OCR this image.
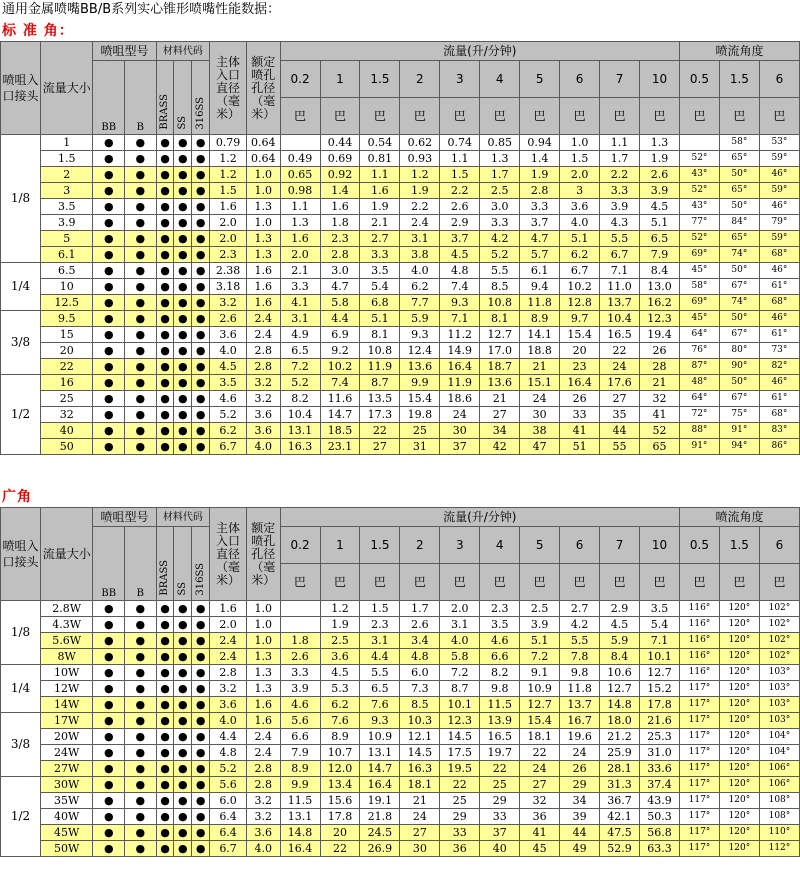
通用金属喷嘴BB/B系列实心锥形喷嘴性能数据：
标 准 角：
喷咀入口接头	流量大小	喷咀型号		材料代码			主体入口直径（毫米）	额定喷孔孔径（毫米）	流量(升/分钟)										喷流角度		
		BB	B	BRASS	SS	316SS			0.2	1	1.5	2	3	4	5	6	7	10	0.5	1.5	6
									巴	巴	巴	巴	巴	巴	巴	巴	巴	巴	巴	巴	巴
1/8	1	●	●	●	●	●	0.79	0.64		0.44	0.54	0.62	0.74	0.85	0.94	1.0	1.1	1.3		58°	53°
	1.5	●	●	●	●	●	1.2	0.64	0.49	0.69	0.81	0.93	1.1	1.3	1.4	1.5	1.7	1.9	52°	65°	59°
	2	●	●	●	●	●	1.2	1.0	0.65	0.92	1.1	1.2	1.5	1.7	1.9	2.0	2.2	2.6	43°	50°	46°
	3	●	●	●	●	●	1.5	1.0	0.98	1.4	1.6	1.9	2.2	2.5	2.8	3	3.3	3.9	52°	65°	59°
	3.5	●	●	●	●	●	1.6	1.3	1.1	1.6	1.9	2.2	2.6	3.0	3.3	3.6	3.9	4.5	43°	50°	46°
	3.9	●	●	●	●	●	2.0	1.0	1.3	1.8	2.1	2.4	2.9	3.3	3.7	4.0	4.3	5.1	77°	84°	79°
	5	●	●	●	●	●	2.0	1.3	1.6	2.3	2.7	3.1	3.7	4.2	4.7	5.1	5.5	6.5	52°	65°	59°
	6.1	●	●	●	●	●	2.3	1.3	2.0	2.8	3.3	3.8	4.5	5.2	5.7	6.2	6.7	7.9	69°	74°	68°
1/4	6.5	●	●	●	●	●	2.38	1.6	2.1	3.0	3.5	4.0	4.8	5.5	6.1	6.7	7.1	8.4	45°	50°	46°
	10	●	●	●	●	●	3.18	1.6	3.3	4.7	5.4	6.2	7.4	8.5	9.4	10.2	11.0	13.0	58°	67°	61°
	12.5	●	●	●	●	●	3.2	1.6	4.1	5.8	6.8	7.7	9.3	10.8	11.8	12.8	13.7	16.2	69°	74°	68°
3/8	9.5	●	●	●	●	●	2.6	2.4	3.1	4.4	5.1	5.9	7.1	8.1	8.9	9.7	10.4	12.3	45°	50°	46°
	15	●	●	●	●	●	3.6	2.4	4.9	6.9	8.1	9.3	11.2	12.7	14.1	15.4	16.5	19.4	64°	67°	61°
	20	●	●	●	●	●	4.0	2.8	6.5	9.2	10.8	12.4	14.9	17.0	18.8	20	22	26	76°	80°	73°
	22	●	●	●	●	●	4.5	2.8	7.2	10.2	11.9	13.6	16.4	18.7	21	23	24	28	87°	90°	82°
1/2	16	●	●	●	●	●	3.5	3.2	5.2	7.4	8.7	9.9	11.9	13.6	15.1	16.4	17.6	21	48°	50°	46°
	25	●	●	●	●	●	4.6	3.2	8.2	11.6	13.5	15.4	18.6	21	24	26	27	32	64°	67°	61°
	32	●	●	●	●	●	5.2	3.6	10.4	14.7	17.3	19.8	24	27	30	33	35	41	72°	75°	68°
	40	●	●	●	●	●	6.2	3.6	13.1	18.5	22	25	30	34	38	41	44	52	88°	91°	83°
	50	●	●	●	●	●	6.7	4.0	16.3	23.1	27	31	37	42	47	51	55	65	91°	94°	86°
广角
喷咀入口接头	流量大小	喷咀型号		材料代码			主体入口直径（毫米）	额定喷孔孔径（毫米）	流量(升/分钟)										喷流角度		
		BB	B	BRASS	SS	316SS			0.2	1	1.5	2	3	4	5	6	7	10	0.5	1.5	6
									巴	巴	巴	巴	巴	巴	巴	巴	巴	巴	巴	巴	巴
1/8	2.8W	●	●	●	●	●	1.6	1.0		1.2	1.5	1.7	2.0	2.3	2.5	2.7	2.9	3.5	116°	120°	102°
	4.3W	●	●	●	●	●	2.0	1.0		1.9	2.3	2.6	3.1	3.5	3.9	4.2	4.5	5.4	116°	120°	102°
	5.6W	●	●	●	●	●	2.4	1.0	1.8	2.5	3.1	3.4	4.0	4.6	5.1	5.5	5.9	7.1	116°	120°	102°
	8W	●	●	●	●	●	2.4	1.3	2.6	3.6	4.4	4.8	5.8	6.6	7.2	7.8	8.4	10.1	116°	120°	102°
1/4	10W	●	●	●	●	●	2.8	1.3	3.3	4.5	5.5	6.0	7.2	8.2	9.1	9.8	10.6	12.7	116°	120°	103°
	12W	●	●	●	●	●	3.2	1.3	3.9	5.3	6.5	7.3	8.7	9.8	10.9	11.8	12.7	15.2	117°	120°	103°
	14W	●	●	●	●	●	3.6	1.6	4.6	6.2	7.6	8.5	10.1	11.5	12.7	13.7	14.8	17.8	117°	120°	103°
3/8	17W	●	●	●	●	●	4.0	1.6	5.6	7.6	9.3	10.3	12.3	13.9	15.4	16.7	18.0	21.6	117°	120°	103°
	20W	●	●	●	●	●	4.4	2.4	6.6	8.9	10.9	12.1	14.5	16.5	18.1	19.6	21.2	25.3	117°	120°	104°
	24W	●	●	●	●	●	4.8	2.4	7.9	10.7	13.1	14.5	17.5	19.7	22	24	25.9	31.0	117°	120°	104°
	27W	●	●	●	●	●	5.2	2.8	8.9	12.0	14.7	16.3	19.5	22	24	26	28.1	33.6	117°	120°	106°
1/2	30W	●	●	●	●	●	5.6	2.8	9.9	13.4	16.4	18.1	22	25	27	29	31.3	37.4	117°	120°	106°
	35W	●	●	●	●	●	6.0	3.2	11.5	15.6	19.1	21	25	29	32	34	36.7	43.9	117°	120°	108°
	40W	●	●	●	●	●	6.4	3.2	13.1	17.8	21.8	24	29	33	36	39	42.1	50.3	117°	120°	108°
	45W	●	●	●	●	●	6.4	3.6	14.8	20	24.5	27	33	37	41	44	47.5	56.8	117°	120°	110°
	50W	●	●	●	●	●	6.7	4.0	16.4	22	26.9	30	36	40	45	49	52.9	63.3	117°	120°	112°
